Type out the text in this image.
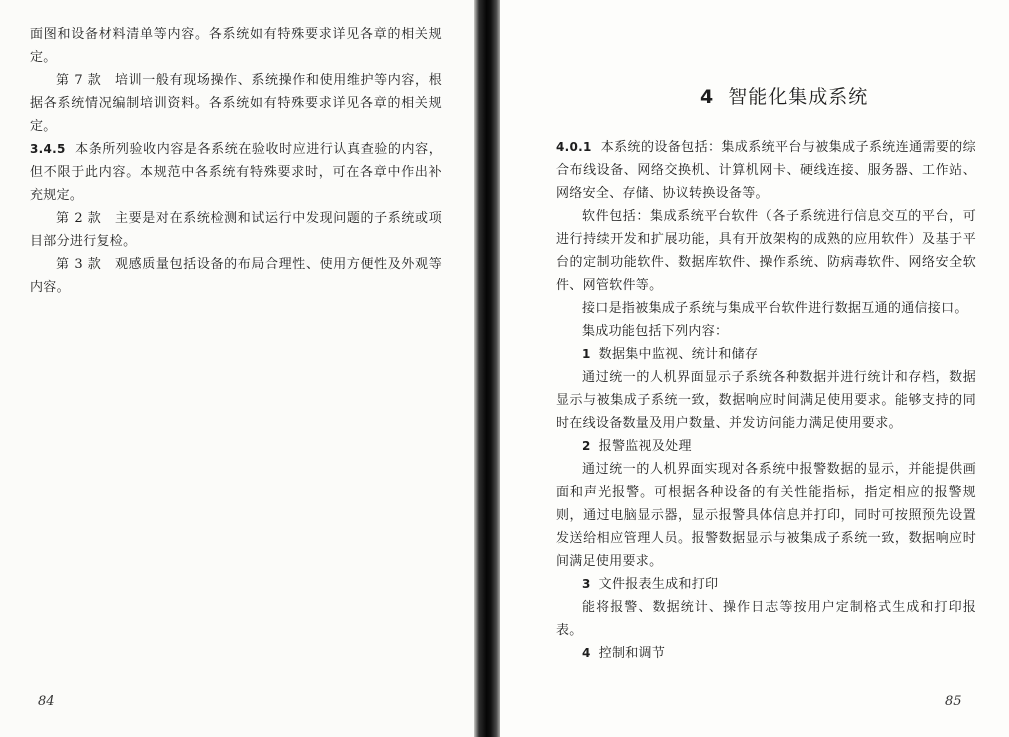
面图和设备材料清单等内容。各系统如有特殊要求详见各章的相关规定。

第 7 款　培训一般有现场操作、系统操作和使用维护等内容，根据各系统情况编制培训资料。各系统如有特殊要求详见各章的相关规定。

3.4.5 本条所列验收内容是各系统在验收时应进行认真查验的内容，但不限于此内容。本规范中各系统有特殊要求时，可在各章中作出补充规定。

第 2 款　主要是对在系统检测和试运行中发现问题的子系统或项目部分进行复检。

第 3 款　观感质量包括设备的布局合理性、使用方便性及外观等内容。

84
4 智能化集成系统

4.0.1 本系统的设备包括：集成系统平台与被集成子系统连通需要的综合布线设备、网络交换机、计算机网卡、硬线连接、服务器、工作站、网络安全、存储、协议转换设备等。

软件包括：集成系统平台软件（各子系统进行信息交互的平台，可进行持续开发和扩展功能，具有开放架构的成熟的应用软件）及基于平台的定制功能软件、数据库软件、操作系统、防病毒软件、网络安全软件、网管软件等。

接口是指被集成子系统与集成平台软件进行数据互通的通信接口。

集成功能包括下列内容：

1 数据集中监视、统计和储存

通过统一的人机界面显示子系统各种数据并进行统计和存档，数据显示与被集成子系统一致，数据响应时间满足使用要求。能够支持的同时在线设备数量及用户数量、并发访问能力满足使用要求。

2 报警监视及处理

通过统一的人机界面实现对各系统中报警数据的显示，并能提供画面和声光报警。可根据各种设备的有关性能指标，指定相应的报警规则，通过电脑显示器，显示报警具体信息并打印，同时可按照预先设置发送给相应管理人员。报警数据显示与被集成子系统一致，数据响应时间满足使用要求。

3 文件报表生成和打印

能将报警、数据统计、操作日志等按用户定制格式生成和打印报表。

4 控制和调节

85
